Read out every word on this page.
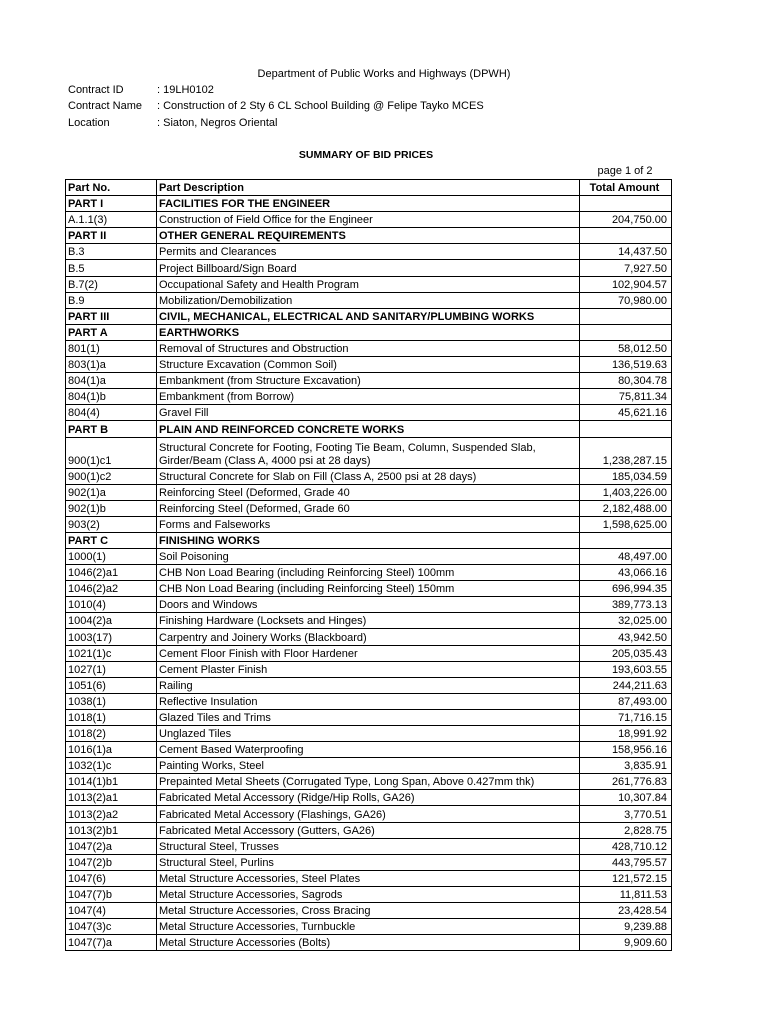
Department of Public Works and Highways (DPWH)
Contract ID	: 19LH0102
Contract Name : Construction of 2 Sty 6 CL School Building @ Felipe Tayko MCES
Location	: Siaton, Negros Oriental
SUMMARY OF BID PRICES
page 1 of 2
Part No.	Part Description	Total Amount
PART I	FACILITIES FOR THE ENGINEER	
A.1.1(3)	Construction of Field Office for the Engineer	204,750.00
PART II	OTHER GENERAL REQUIREMENTS	
B.3	Permits and Clearances	14,437.50
B.5	Project Billboard/Sign Board	7,927.50
B.7(2)	Occupational Safety and Health Program	102,904.57
B.9	Mobilization/Demobilization	70,980.00
PART III	CIVIL, MECHANICAL, ELECTRICAL AND SANITARY/PLUMBING WORKS	
PART A	EARTHWORKS	
801(1)	Removal of Structures and Obstruction	58,012.50
803(1)a	Structure Excavation (Common Soil)	136,519.63
804(1)a	Embankment (from Structure Excavation)	80,304.78
804(1)b	Embankment (from Borrow)	75,811.34
804(4)	Gravel Fill	45,621.16
PART B	PLAIN AND REINFORCED CONCRETE WORKS	
900(1)c1	Structural Concrete for Footing, Footing Tie Beam, Column, Suspended Slab,
Girder/Beam (Class A, 4000 psi at 28 days)	1,238,287.15
900(1)c2	Structural Concrete for Slab on Fill (Class A, 2500 psi at 28 days)	185,034.59
902(1)a	Reinforcing Steel (Deformed, Grade 40	1,403,226.00
902(1)b	Reinforcing Steel (Deformed, Grade 60	2,182,488.00
903(2)	Forms and Falseworks	1,598,625.00
PART C	FINISHING WORKS	
1000(1)	Soil Poisoning	48,497.00
1046(2)a1	CHB Non Load Bearing (including Reinforcing Steel) 100mm	43,066.16
1046(2)a2	CHB Non Load Bearing (including Reinforcing Steel) 150mm	696,994.35
1010(4)	Doors and Windows	389,773.13
1004(2)a	Finishing Hardware (Locksets and Hinges)	32,025.00
1003(17)	Carpentry and Joinery Works (Blackboard)	43,942.50
1021(1)c	Cement Floor Finish with Floor Hardener	205,035.43
1027(1)	Cement Plaster Finish	193,603.55
1051(6)	Railing	244,211.63
1038(1)	Reflective Insulation	87,493.00
1018(1)	Glazed Tiles and Trims	71,716.15
1018(2)	Unglazed Tiles	18,991.92
1016(1)a	Cement Based Waterproofing	158,956.16
1032(1)c	Painting Works, Steel	3,835.91
1014(1)b1	Prepainted Metal Sheets (Corrugated Type, Long Span, Above 0.427mm thk)	261,776.83
1013(2)a1	Fabricated Metal Accessory (Ridge/Hip Rolls, GA26)	10,307.84
1013(2)a2	Fabricated Metal Accessory (Flashings, GA26)	3,770.51
1013(2)b1	Fabricated Metal Accessory (Gutters, GA26)	2,828.75
1047(2)a	Structural Steel, Trusses	428,710.12
1047(2)b	Structural Steel, Purlins	443,795.57
1047(6)	Metal Structure Accessories, Steel Plates	121,572.15
1047(7)b	Metal Structure Accessories, Sagrods	11,811.53
1047(4)	Metal Structure Accessories, Cross Bracing	23,428.54
1047(3)c	Metal Structure Accessories, Turnbuckle	9,239.88
1047(7)a	Metal Structure Accessories (Bolts)	9,909.60
